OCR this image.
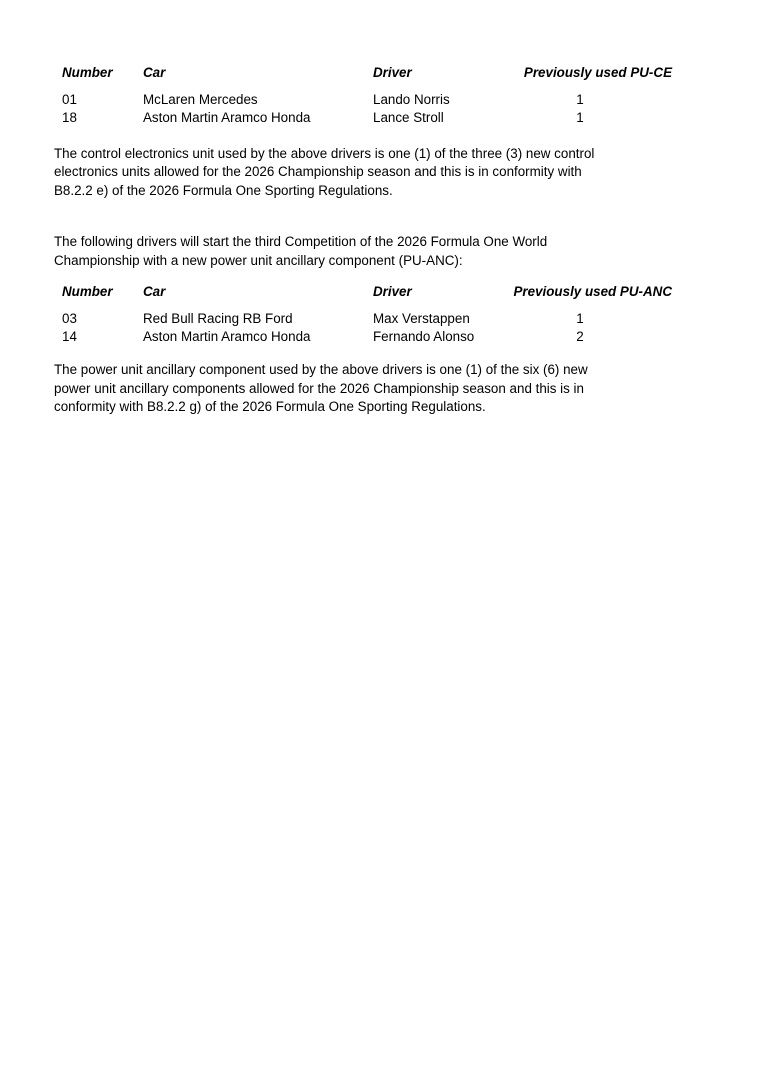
Number	Car	Driver	Previously used PU-CE
01	McLaren Mercedes	Lando Norris	1
18	Aston Martin Aramco Honda	Lance Stroll	1
The control electronics unit used by the above drivers is one (1) of the three (3) new control
electronics units allowed for the 2026 Championship season and this is in conformity with
B8.2.2 e) of the 2026 Formula One Sporting Regulations.
The following drivers will start the third Competition of the 2026 Formula One World
Championship with a new power unit ancillary component (PU-ANC):
Number	Car	Driver	Previously used PU-ANC
03	Red Bull Racing RB Ford	Max Verstappen	1
14	Aston Martin Aramco Honda	Fernando Alonso	2
The power unit ancillary component used by the above drivers is one (1) of the six (6) new
power unit ancillary components allowed for the 2026 Championship season and this is in
conformity with B8.2.2 g) of the 2026 Formula One Sporting Regulations.
